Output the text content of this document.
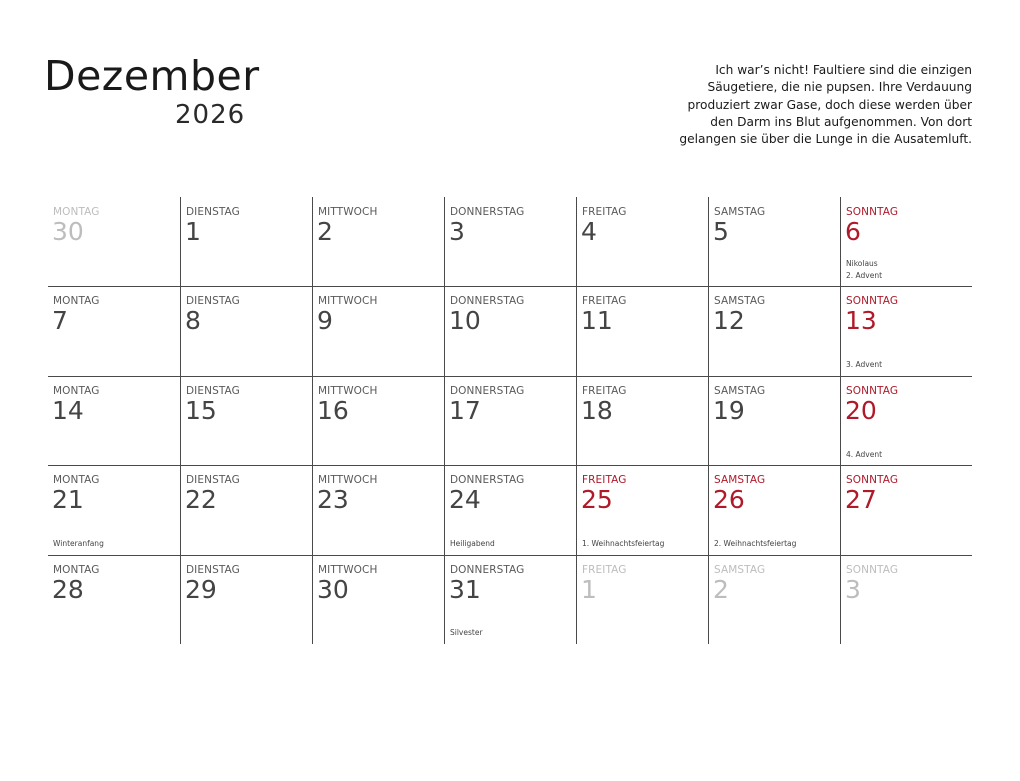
Dezember
2026
Ich war’s nicht! Faultiere sind die einzigen
Säugetiere, die nie pupsen. Ihre Verdauung
produziert zwar Gase, doch diese werden über
den Darm ins Blut aufgenommen. Von dort
gelangen sie über die Lunge in die Ausatemluft.
MONTAG
30
DIENSTAG
1
MITTWOCH
2
DONNERSTAG
3
FREITAG
4
SAMSTAG
5
SONNTAG
6
Nikolaus
2. Advent
MONTAG
7
DIENSTAG
8
MITTWOCH
9
DONNERSTAG
10
FREITAG
11
SAMSTAG
12
SONNTAG
13
3. Advent
MONTAG
14
DIENSTAG
15
MITTWOCH
16
DONNERSTAG
17
FREITAG
18
SAMSTAG
19
SONNTAG
20
4. Advent
MONTAG
21
Winteranfang
DIENSTAG
22
MITTWOCH
23
DONNERSTAG
24
Heiligabend
FREITAG
25
1. Weihnachtsfeiertag
SAMSTAG
26
2. Weihnachtsfeiertag
SONNTAG
27
MONTAG
28
DIENSTAG
29
MITTWOCH
30
DONNERSTAG
31
Silvester
FREITAG
1
SAMSTAG
2
SONNTAG
3
